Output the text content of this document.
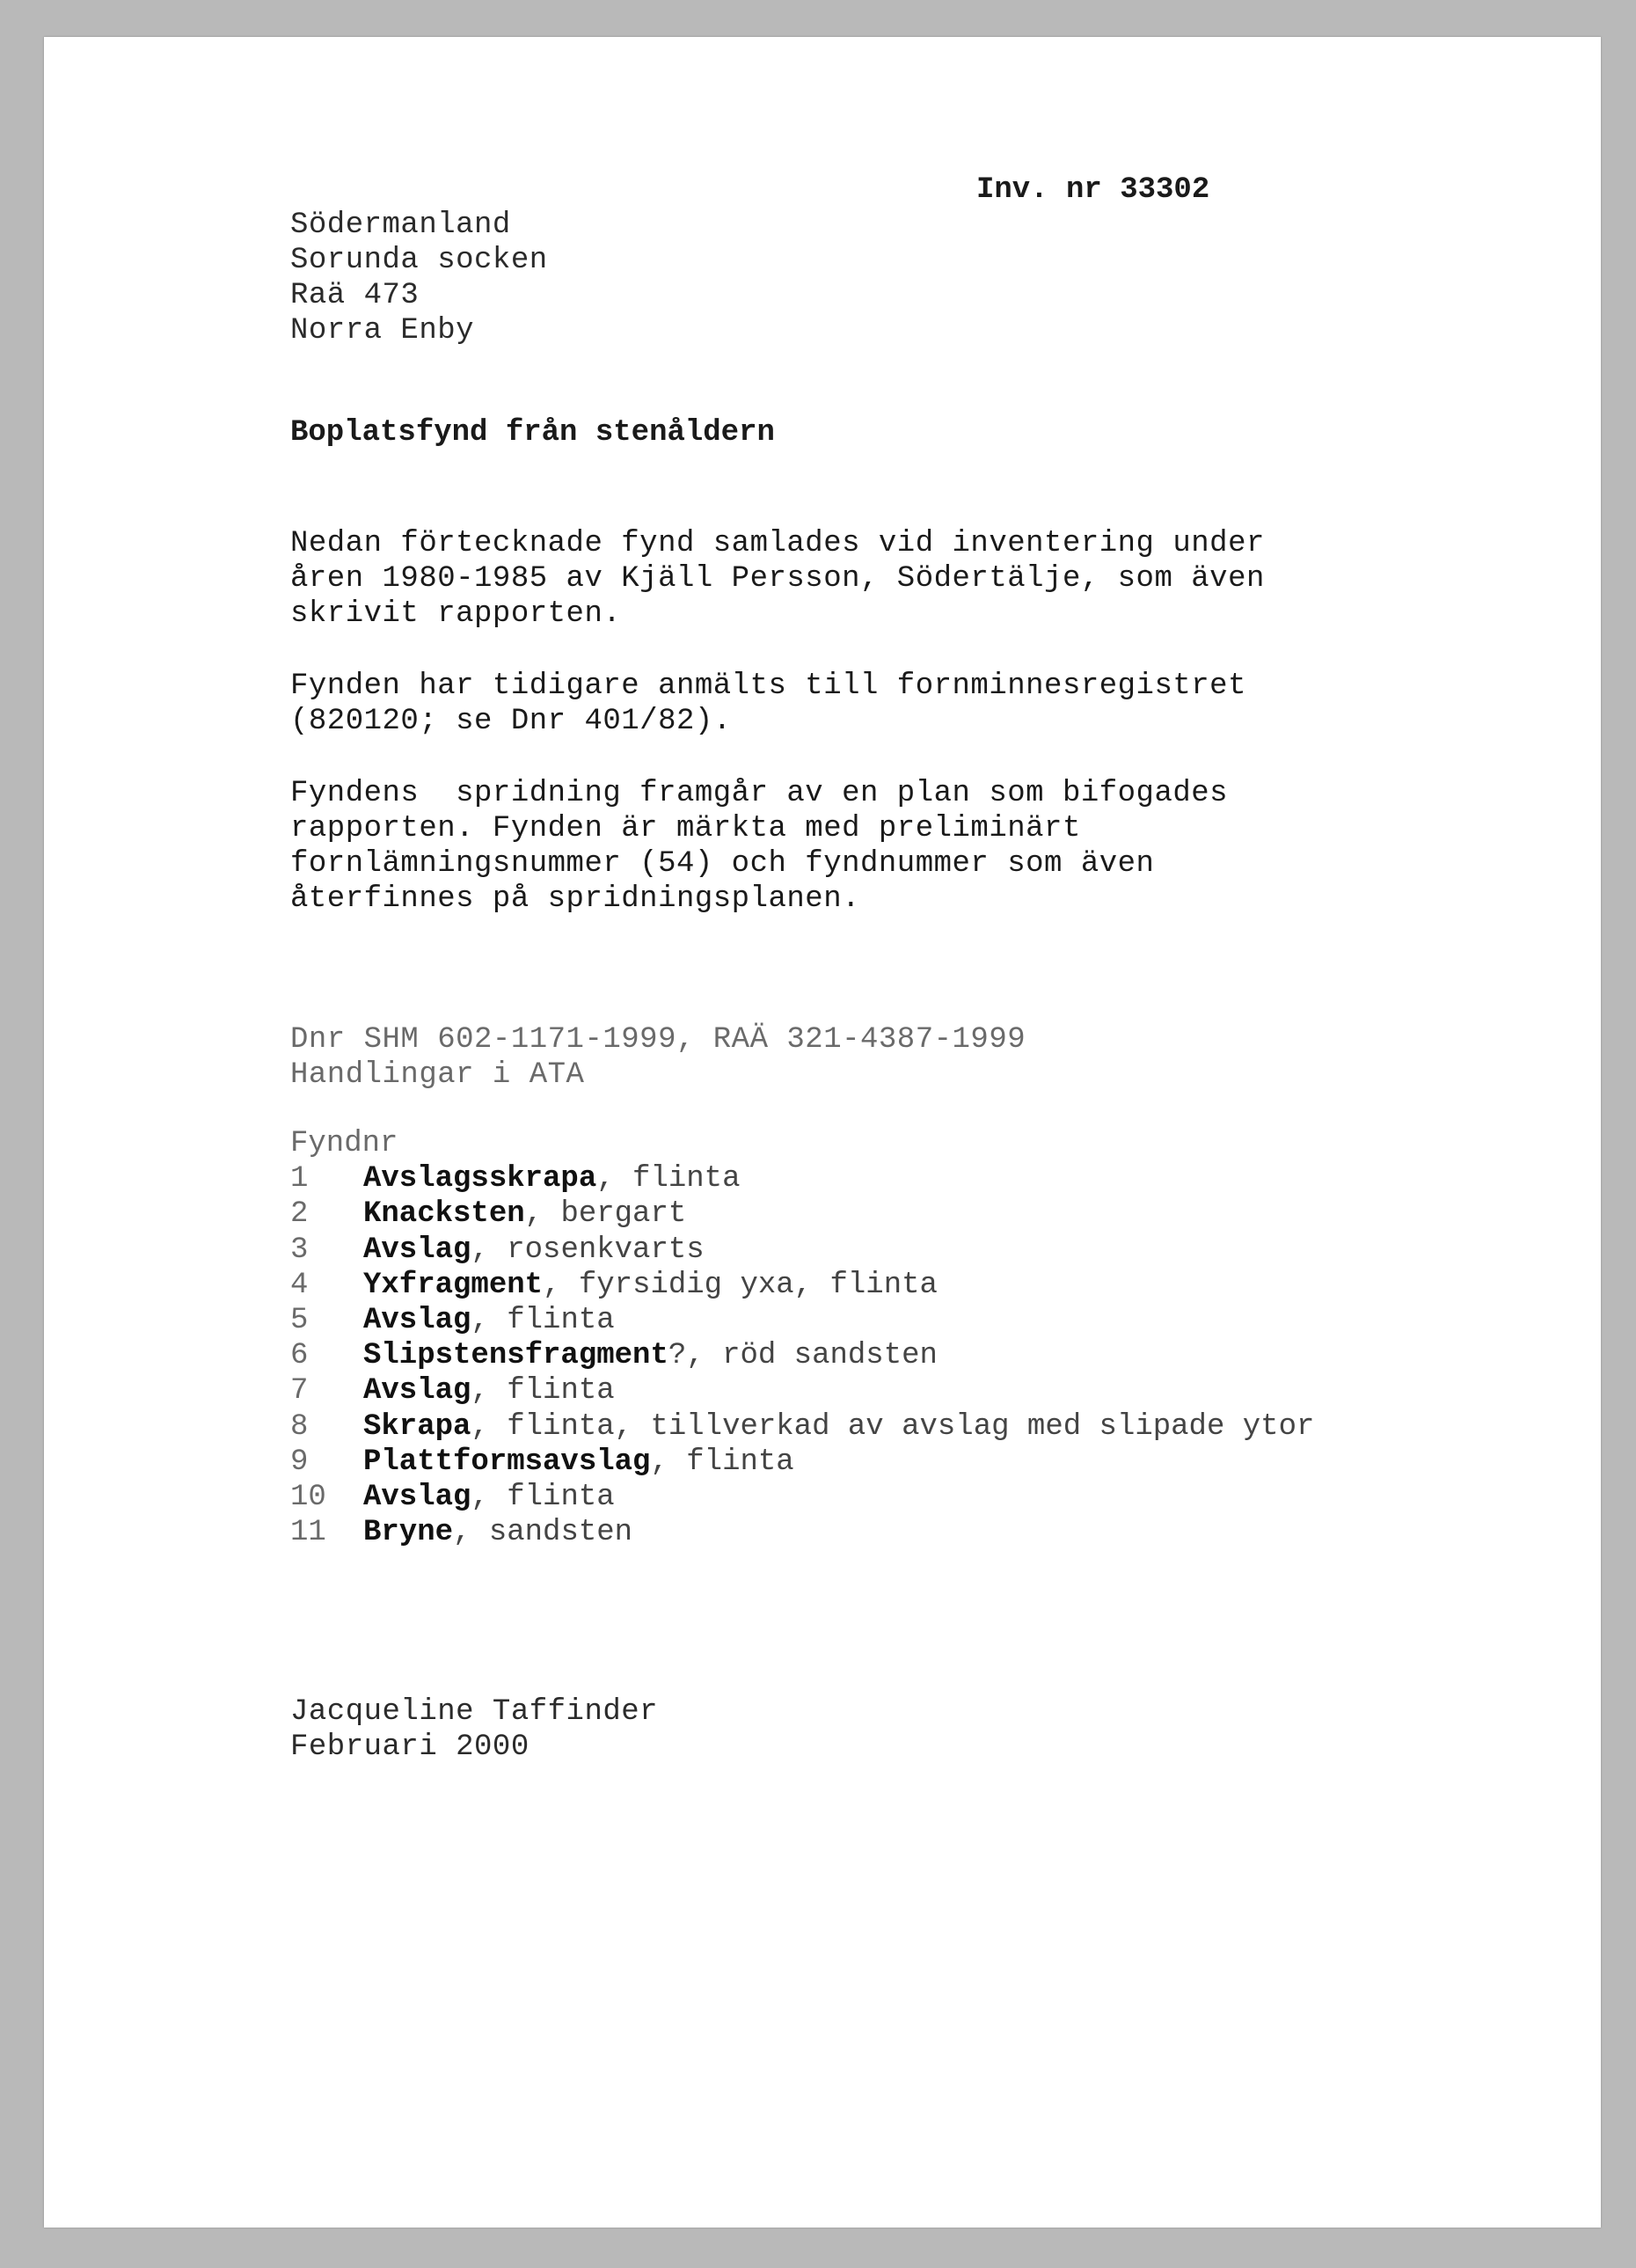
Södermanland
Sorunda socken
Raä 473
Norra Enby
Inv. nr 33302
Boplatsfynd från stenåldern
Nedan förtecknade fynd samlades vid inventering under
åren 1980-1985 av Kjäll Persson, Södertälje, som även
skrivit rapporten.
Fynden har tidigare anmälts till fornminnesregistret
(820120; se Dnr 401/82).
Fyndens  spridning framgår av en plan som bifogades
rapporten. Fynden är märkta med preliminärt
fornlämningsnummer (54) och fyndnummer som även
återfinnes på spridningsplanen.
Dnr SHM 602-1171-1999, RAÄ 321-4387-1999
Handlingar i ATA
Fyndnr
1	Avslagsskrapa , flinta
2	Knacksten , bergart
3	Avslag , rosenkvarts
4	Yxfragment , fyrsidig yxa, flinta
5	Avslag , flinta
6	Slipstensfragment ?, röd sandsten
7	Avslag , flinta
8	Skrapa , flinta, tillverkad av avslag med slipade ytor
9	Plattformsavslag , flinta
10	Avslag , flinta
11	Bryne , sandsten
Jacqueline Taffinder
Februari 2000
